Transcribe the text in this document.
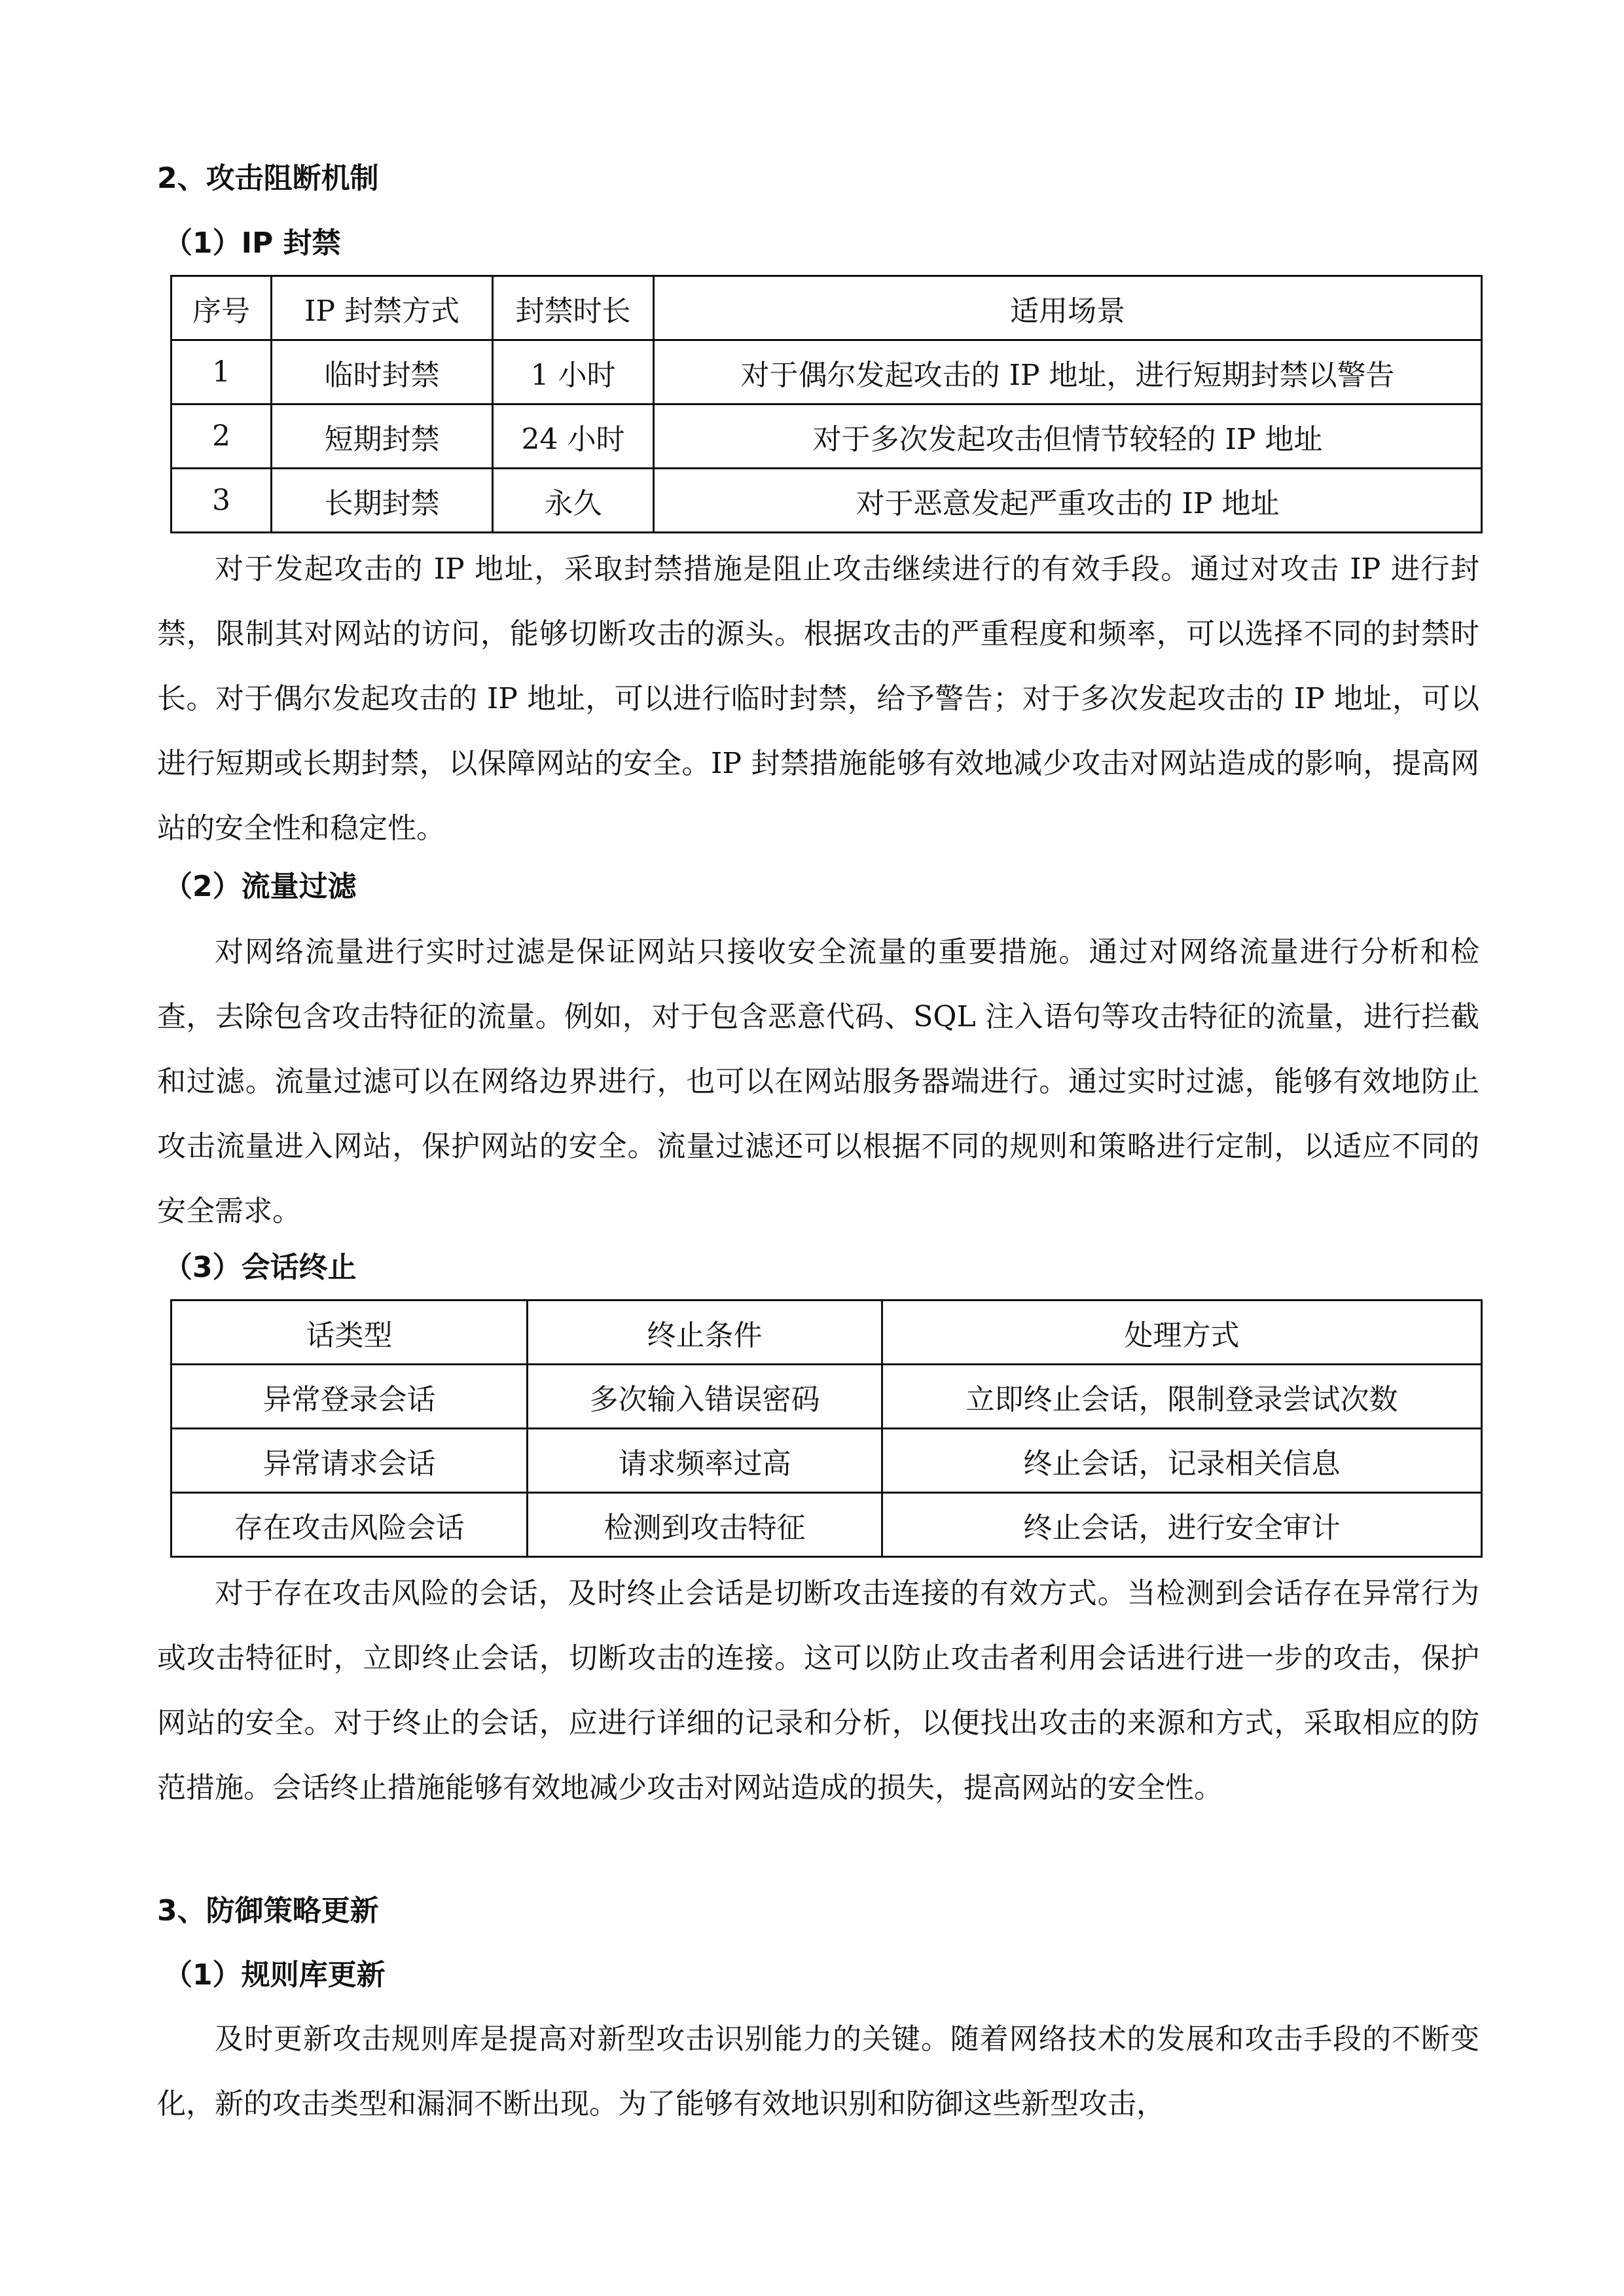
2、攻击阻断机制
（1）IP 封禁
序号	IP 封禁方式	封禁时长	适用场景
1	临时封禁	1 小时	对于偶尔发起攻击的 IP 地址，进行短期封禁以警告
2	短期封禁	24 小时	对于多次发起攻击但情节较轻的 IP 地址
3	长期封禁	永久	对于恶意发起严重攻击的 IP 地址

对于发起攻击的 IP 地址，采取封禁措施是阻止攻击继续进行的有效手段。通过对攻击 IP 进行封禁，限制其对网站的访问，能够切断攻击的源头。根据攻击的严重程度和频率，可以选择不同的封禁时长。对于偶尔发起攻击的 IP 地址，可以进行临时封禁，给予警告；对于多次发起攻击的 IP 地址，可以进行短期或长期封禁，以保障网站的安全。IP 封禁措施能够有效地减少攻击对网站造成的影响，提高网站的安全性和稳定性。

（2）流量过滤

对网络流量进行实时过滤是保证网站只接收安全流量的重要措施。通过对网络流量进行分析和检查，去除包含攻击特征的流量。例如，对于包含恶意代码、SQL 注入语句等攻击特征的流量，进行拦截和过滤。流量过滤可以在网络边界进行，也可以在网站服务器端进行。通过实时过滤，能够有效地防止攻击流量进入网站，保护网站的安全。流量过滤还可以根据不同的规则和策略进行定制，以适应不同的安全需求。

（3）会话终止
话类型	终止条件	处理方式
异常登录会话	多次输入错误密码	立即终止会话，限制登录尝试次数
异常请求会话	请求频率过高	终止会话，记录相关信息
存在攻击风险会话	检测到攻击特征	终止会话，进行安全审计

对于存在攻击风险的会话，及时终止会话是切断攻击连接的有效方式。当检测到会话存在异常行为或攻击特征时，立即终止会话，切断攻击的连接。这可以防止攻击者利用会话进行进一步的攻击，保护网站的安全。对于终止的会话，应进行详细的记录和分析，以便找出攻击的来源和方式，采取相应的防范措施。会话终止措施能够有效地减少攻击对网站造成的损失，提高网站的安全性。

3、防御策略更新
（1）规则库更新

及时更新攻击规则库是提高对新型攻击识别能力的关键。随着网络技术的发展和攻击手段的不断变化，新的攻击类型和漏洞不断出现。为了能够有效地识别和防御这些新型攻击，
